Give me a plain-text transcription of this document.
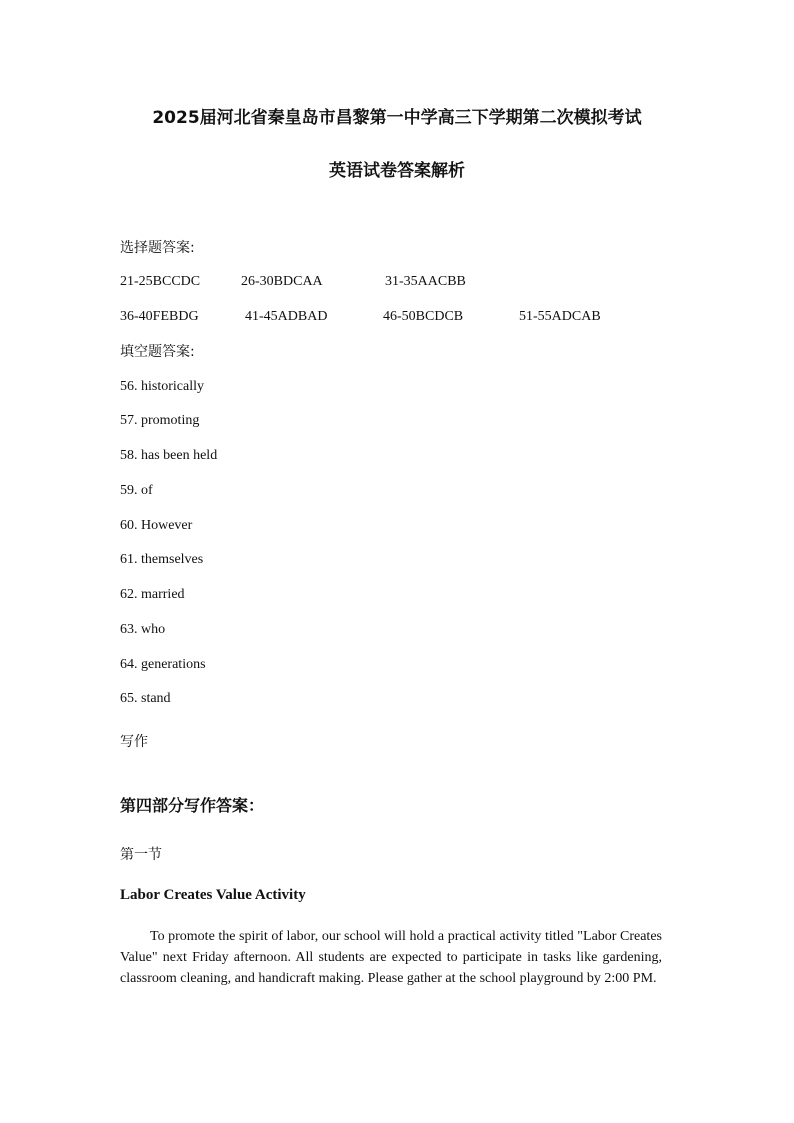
2025届河北省秦皇岛市昌黎第一中学高三下学期第二次模拟考试
英语试卷答案解析
选择题答案:
21-25BCCDC	26-30BDCAA	31-35AACBB
36-40FEBDG	41-45ADBAD	46-50BCDCB	51-55ADCAB
填空题答案:
56. historically
57. promoting
58. has been held
59. of
60. However
61. themselves
62. married
63. who
64. generations
65. stand
写作
第四部分写作答案：
第一节
Labor Creates Value Activity
To promote the spirit of labor, our school will hold a practical activity titled "Labor Creates Value" next Friday afternoon. All students are expected to participate in tasks like gardening, classroom cleaning, and handicraft making. Please gather at the school playground by 2:00 PM.
